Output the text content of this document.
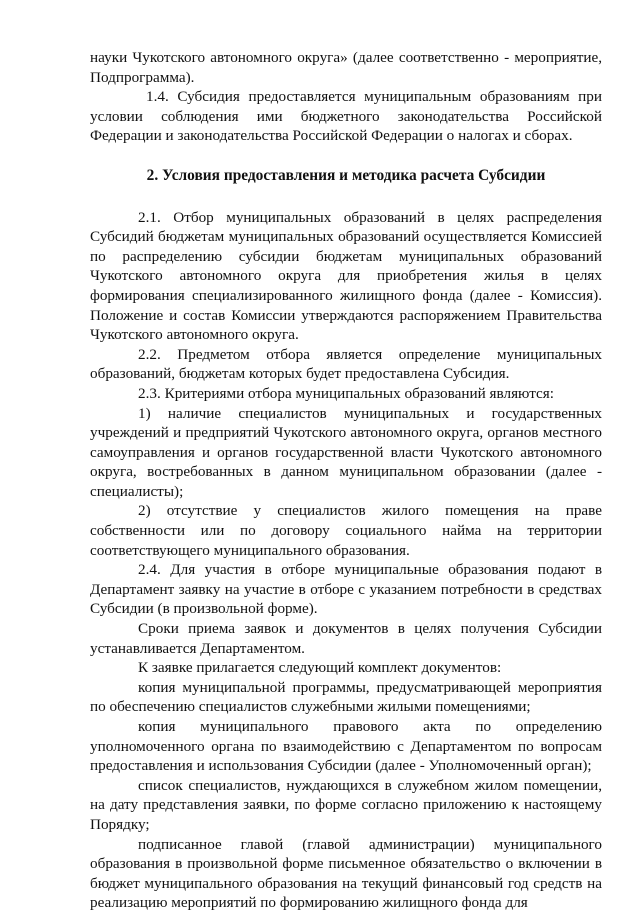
науки Чукотского автономного округа» (далее соответственно - мероприятие, Подпрограмма).

1.4. Субсидия предоставляется муниципальным образованиям при условии соблюдения ими бюджетного законодательства Российской Федерации и законодательства Российской Федерации о налогах и сборах.

2. Условия предоставления и методика расчета Субсидии

2.1. Отбор муниципальных образований в целях распределения Субсидий бюджетам муниципальных образований осуществляется Комиссией по распределению субсидии бюджетам муниципальных образований Чукотского автономного округа для приобретения жилья в целях формирования специализированного жилищного фонда (далее - Комиссия). Положение и состав Комиссии утверждаются распоряжением Правительства Чукотского автономного округа.

2.2. Предметом отбора является определение муниципальных образований, бюджетам которых будет предоставлена Субсидия.

2.3. Критериями отбора муниципальных образований являются:

1) наличие специалистов муниципальных и государственных учреждений и предприятий Чукотского автономного округа, органов местного самоуправления и органов государственной власти Чукотского автономного округа, востребованных в данном муниципальном образовании (далее - специалисты);

2) отсутствие у специалистов жилого помещения на праве собственности или по договору социального найма на территории соответствующего муниципального образования.

2.4. Для участия в отборе муниципальные образования подают в Департамент заявку на участие в отборе с указанием потребности в средствах Субсидии (в произвольной форме).

Сроки приема заявок и документов в целях получения Субсидии устанавливается Департаментом.

К заявке прилагается следующий комплект документов:

копия муниципальной программы, предусматривающей мероприятия по обеспечению специалистов служебными жилыми помещениями;

копия муниципального правового акта по определению уполномоченного органа по взаимодействию с Департаментом по вопросам предоставления и использования Субсидии (далее - Уполномоченный орган);

список специалистов, нуждающихся в служебном жилом помещении, на дату представления заявки, по форме согласно приложению к настоящему Порядку;

подписанное главой (главой администрации) муниципального образования в произвольной форме письменное обязательство о включении в бюджет муниципального образования на текущий финансовый год средств на реализацию мероприятий по формированию жилищного фонда для
